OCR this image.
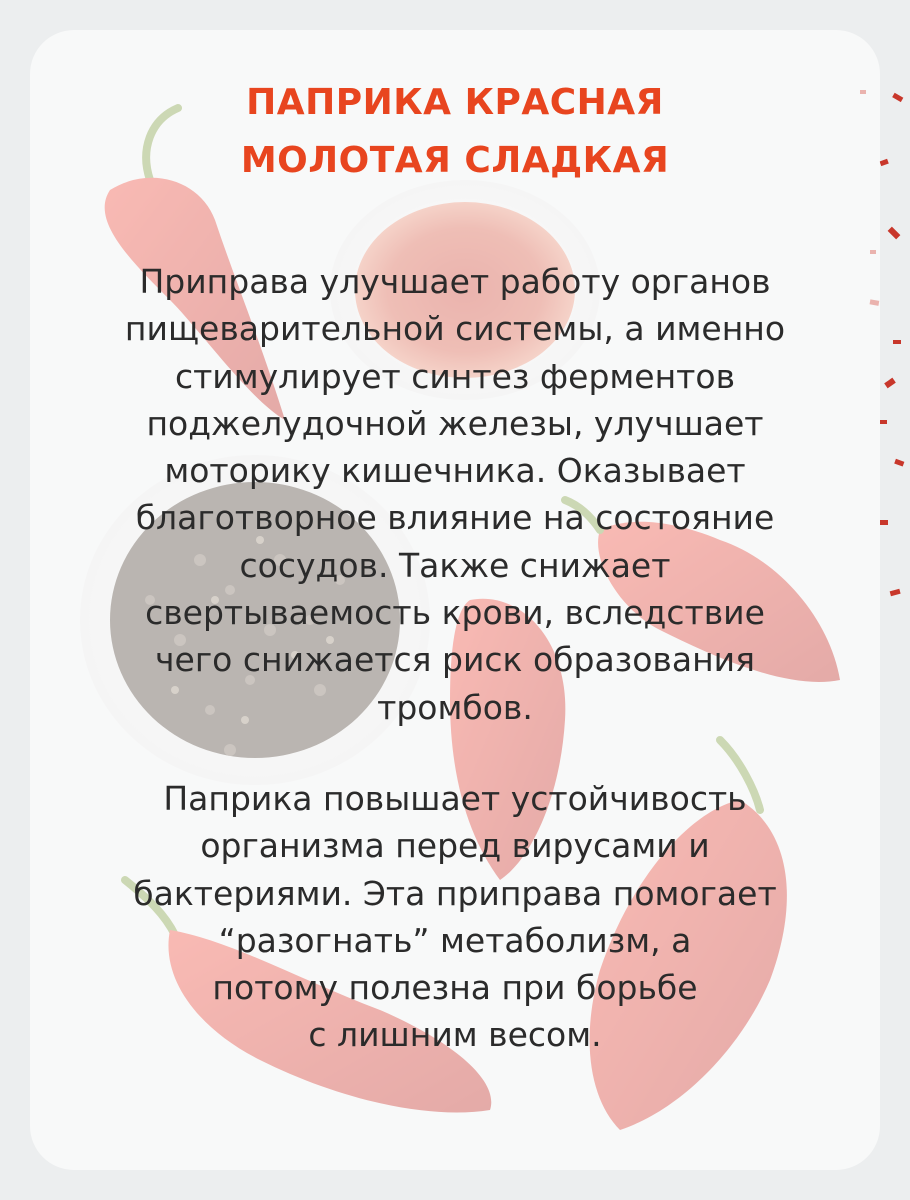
ПАПРИКА КРАСНАЯ
МОЛОТАЯ СЛАДКАЯ

Приправа улучшает работу органов
пищеварительной системы, а именно
стимулирует синтез ферментов
поджелудочной железы, улучшает
моторику кишечника. Оказывает
благотворное влияние на состояние
сосудов. Также снижает
свертываемость крови, вследствие
чего снижается риск образования
тромбов.

Паприка повышает устойчивость
организма перед вирусами и
бактериями. Эта приправа помогает
“разогнать” метаболизм, а
потому полезна при борьбе
с лишним весом.
